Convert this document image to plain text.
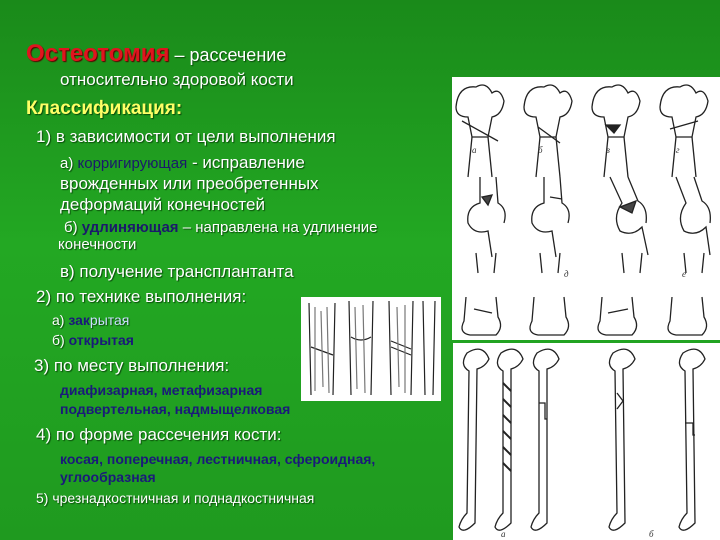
Остеотомия – рассечение
относительно здоровой кости
Классификация:
1) в зависимости от цели выполнения
а) корригирующая - исправление
врожденных или преобретенных
деформаций конечностей
б) удлиняющая – направлена на удлинение
конечности
в) получение трансплантанта
2) по технике выполнения:
а) закрытая
б) открытая
3) по месту выполнения:
диафизарная, метафизарная
подвертельная, надмыщелковая
4) по форме рассечения кости:
косая, поперечная, лестничная, сфероидная,
углообразная
5) чрезнадкостничная и поднадкостничная
а	б	в	г
д	е
а	б
